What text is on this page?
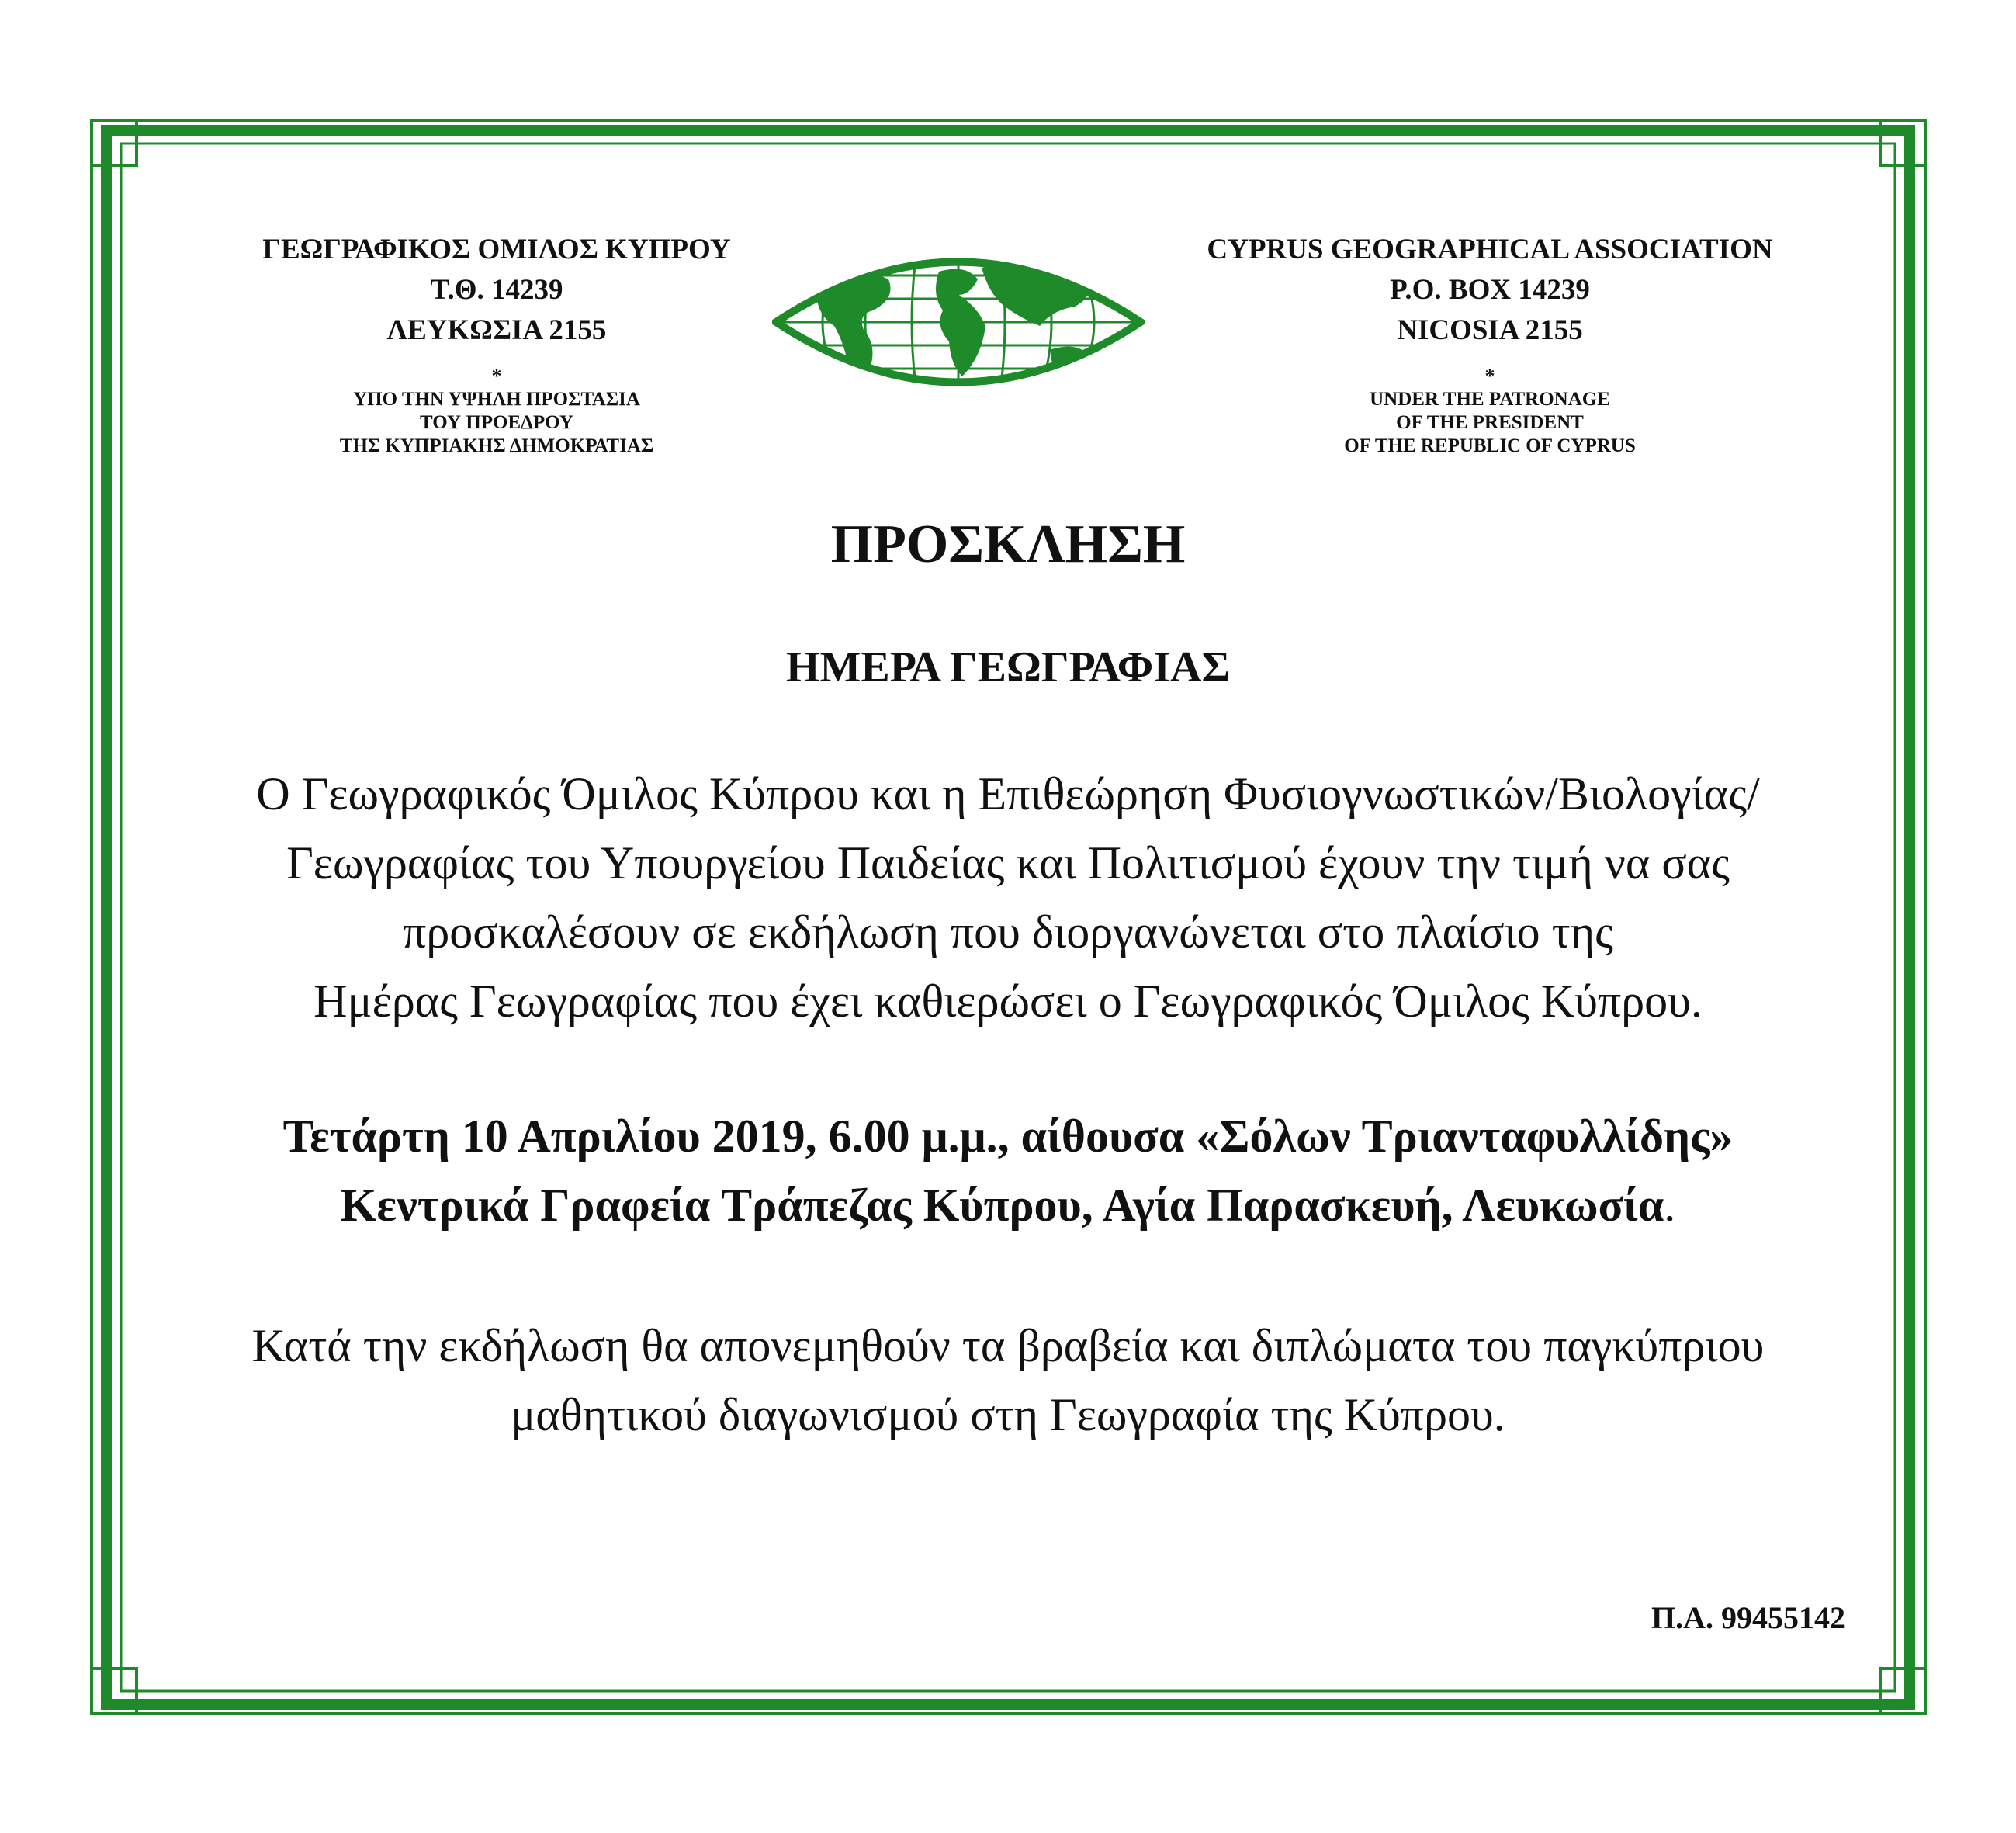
ΓΕΩΓΡΑΦΙΚΟΣ ΟΜΙΛΟΣ ΚΥΠΡΟΥ
Τ.Θ. 14239
ΛΕΥΚΩΣΙΑ 2155
*
ΥΠΟ ΤΗΝ ΥΨΗΛΗ ΠΡΟΣΤΑΣΙΑ
ΤΟΥ ΠΡΟΕΔΡΟΥ
ΤΗΣ ΚΥΠΡΙΑΚΗΣ ΔΗΜΟΚΡΑΤΙΑΣ
CYPRUS GEOGRAPHICAL ASSOCIATION
P.O. BOX 14239
NICOSIA 2155
*
UNDER THE PATRONAGE
OF THE PRESIDENT
OF THE REPUBLIC OF CYPRUS
ΠΡΟΣΚΛΗΣΗ
ΗΜΕΡΑ ΓΕΩΓΡΑΦΙΑΣ
Ο Γεωγραφικός Όμιλος Κύπρου και η Επιθεώρηση Φυσιογνωστικών/Βιολογίας/
Γεωγραφίας του Υπουργείου Παιδείας και Πολιτισμού έχουν την τιμή να σας
προσκαλέσουν σε εκδήλωση που διοργανώνεται στο πλαίσιο της
Ημέρας Γεωγραφίας που έχει καθιερώσει ο Γεωγραφικός Όμιλος Κύπρου.
Τετάρτη 10 Απριλίου 2019, 6.00 μ.μ., αίθουσα «Σόλων Τριανταφυλλίδης»
Κεντρικά Γραφεία Τράπεζας Κύπρου, Αγία Παρασκευή, Λευκωσία.
Κατά την εκδήλωση θα απονεμηθούν τα βραβεία και διπλώματα του παγκύπριου
μαθητικού διαγωνισμού στη Γεωγραφία της Κύπρου.
Π.Α. 99455142
